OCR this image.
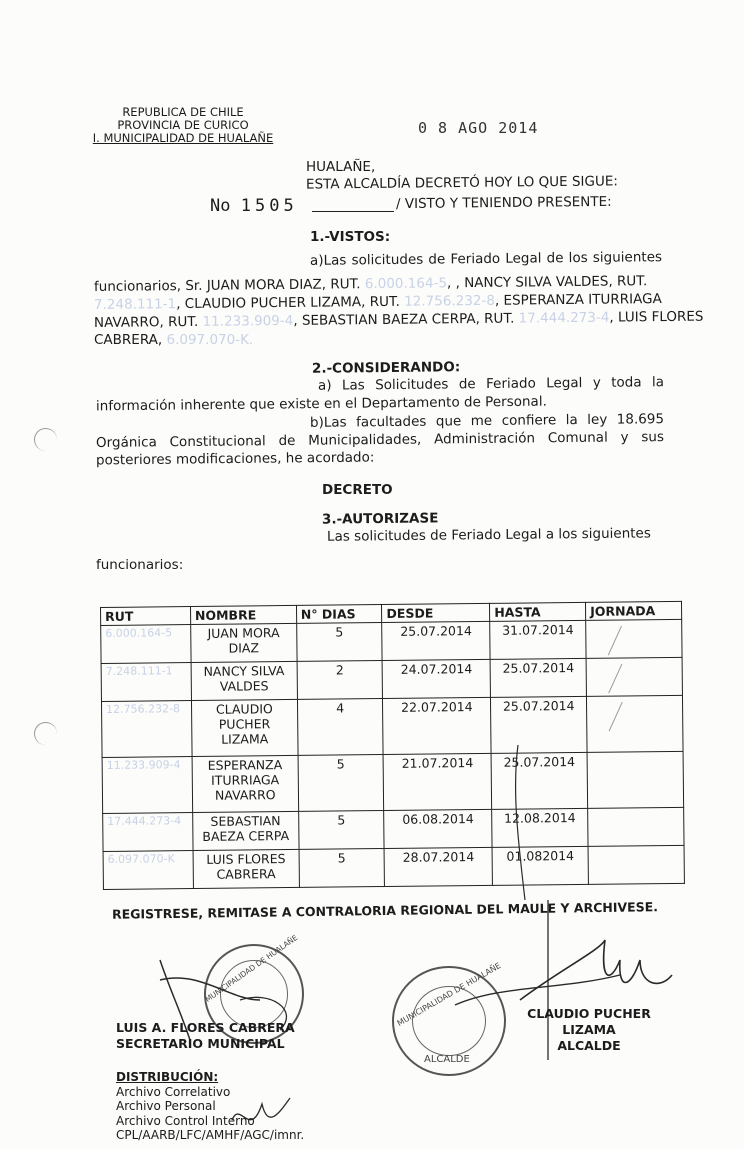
REPUBLICA DE CHILE
PROVINCIA DE CURICO
I. MUNICIPALIDAD DE HUALAÑE
0 8 AGO 2014
HUALAÑE,
ESTA ALCALDÍA DECRETÓ HOY LO QUE SIGUE:
No 1505	/ VISTO Y TENIENDO PRESENTE:
1.-VISTOS:
a)Las solicitudes de Feriado Legal de los siguientes
funcionarios, Sr. JUAN MORA DIAZ, RUT. 6.000.164-5, , NANCY SILVA VALDES, RUT.
7.248.111-1, CLAUDIO PUCHER LIZAMA, RUT. 12.756.232-8, ESPERANZA ITURRIAGA
NAVARRO, RUT. 11.233.909-4, SEBASTIAN BAEZA CERPA, RUT. 17.444.273-4, LUIS FLORES
CABRERA, 6.097.070-K.
2.-CONSIDERANDO:
a) Las Solicitudes de Feriado Legal y toda la
información inherente que existe en el Departamento de Personal.
b)Las facultades que me confiere la ley 18.695
Orgánica Constitucional de Municipalidades, Administración Comunal y sus
posteriores modificaciones, he acordado:
DECRETO
3.-AUTORIZASE
Las solicitudes de Feriado Legal a los siguientes
funcionarios:
RUT	NOMBRE	N° DIAS	DESDE	HASTA	JORNADA
6.000.164-5	JUAN MORA DIAZ	5	25.07.2014	31.07.2014	

7.248.111-1	NANCY SILVA VALDES	2	24.07.2014	25.07.2014	

12.756.232-8	CLAUDIO PUCHER LIZAMA	4	22.07.2014	25.07.2014	

11.233.909-4	ESPERANZA ITURRIAGA NAVARRO	5	21.07.2014	25.07.2014	
17.444.273-4	SEBASTIAN BAEZA CERPA	5	06.08.2014	12.08.2014	
6.097.070-K	LUIS FLORES CABRERA	5	28.07.2014	01.082014	
REGISTRESE, REMITASE A CONTRALORIA REGIONAL DEL MAULE Y ARCHIVESE.
MUNICIPALIDAD DE HUALAÑE	MUNICIPALIDAD DE HUALAÑE
ALCALDE
LUIS A. FLORES CABRERA
SECRETARIO MUNICIPAL
CLAUDIO PUCHER LIZAMA
ALCALDE
DISTRIBUCIÓN:
Archivo Correlativo
Archivo Personal
Archivo Control Interno
CPL/AARB/LFC/AMHF/AGC/imnr.
